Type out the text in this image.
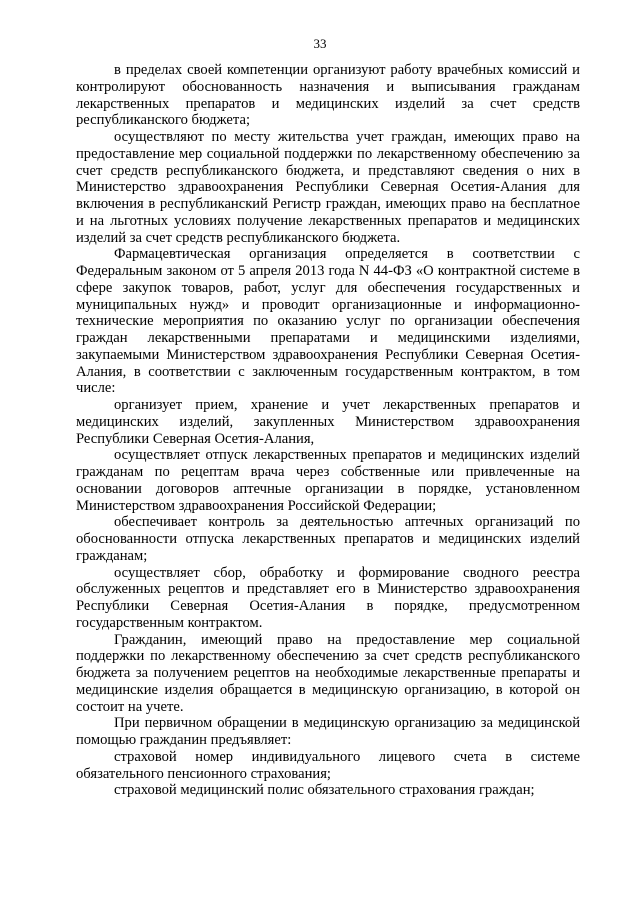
33

в пределах своей компетенции организуют работу врачебных комиссий и контролируют обоснованность назначения и выписывания гражданам лекарственных препаратов и медицинских изделий за счет средств республиканского бюджета;

осуществляют по месту жительства учет граждан, имеющих право на предоставление мер социальной поддержки по лекарственному обеспечению за счет средств республиканского бюджета, и представляют сведения о них в Министерство здравоохранения Республики Северная Осетия-Алания для включения в республиканский Регистр граждан, имеющих право на бесплатное и на льготных условиях получение лекарственных препаратов и медицинских изделий за счет средств республиканского бюджета.

Фармацевтическая организация определяется в соответствии с Федеральным законом от 5 апреля 2013 года N 44-ФЗ «О контрактной системе в сфере закупок товаров, работ, услуг для обеспечения государственных и муниципальных нужд» и проводит организационные и информационно-технические мероприятия по оказанию услуг по организации обеспечения граждан лекарственными препаратами и медицинскими изделиями, закупаемыми Министерством здравоохранения Республики Северная Осетия-Алания, в соответствии с заключенным государственным контрактом, в том числе:

организует прием, хранение и учет лекарственных препаратов и медицинских изделий, закупленных Министерством здравоохранения Республики Северная Осетия-Алания,

осуществляет отпуск лекарственных препаратов и медицинских изделий гражданам по рецептам врача через собственные или привлеченные на основании договоров аптечные организации в порядке, установленном Министерством здравоохранения Российской Федерации;

обеспечивает контроль за деятельностью аптечных организаций по обоснованности отпуска лекарственных препаратов и медицинских изделий гражданам;

осуществляет сбор, обработку и формирование сводного реестра обслуженных рецептов и представляет его в Министерство здравоохранения Республики Северная Осетия-Алания в порядке, предусмотренном государственным контрактом.

Гражданин, имеющий право на предоставление мер социальной поддержки по лекарственному обеспечению за счет средств республиканского бюджета за получением рецептов на необходимые лекарственные препараты и медицинские изделия обращается в медицинскую организацию, в которой он состоит на учете.

При первичном обращении в медицинскую организацию за медицинской помощью гражданин предъявляет:

страховой номер индивидуального лицевого счета в системе обязательного пенсионного страхования;

страховой медицинский полис обязательного страхования граждан;
